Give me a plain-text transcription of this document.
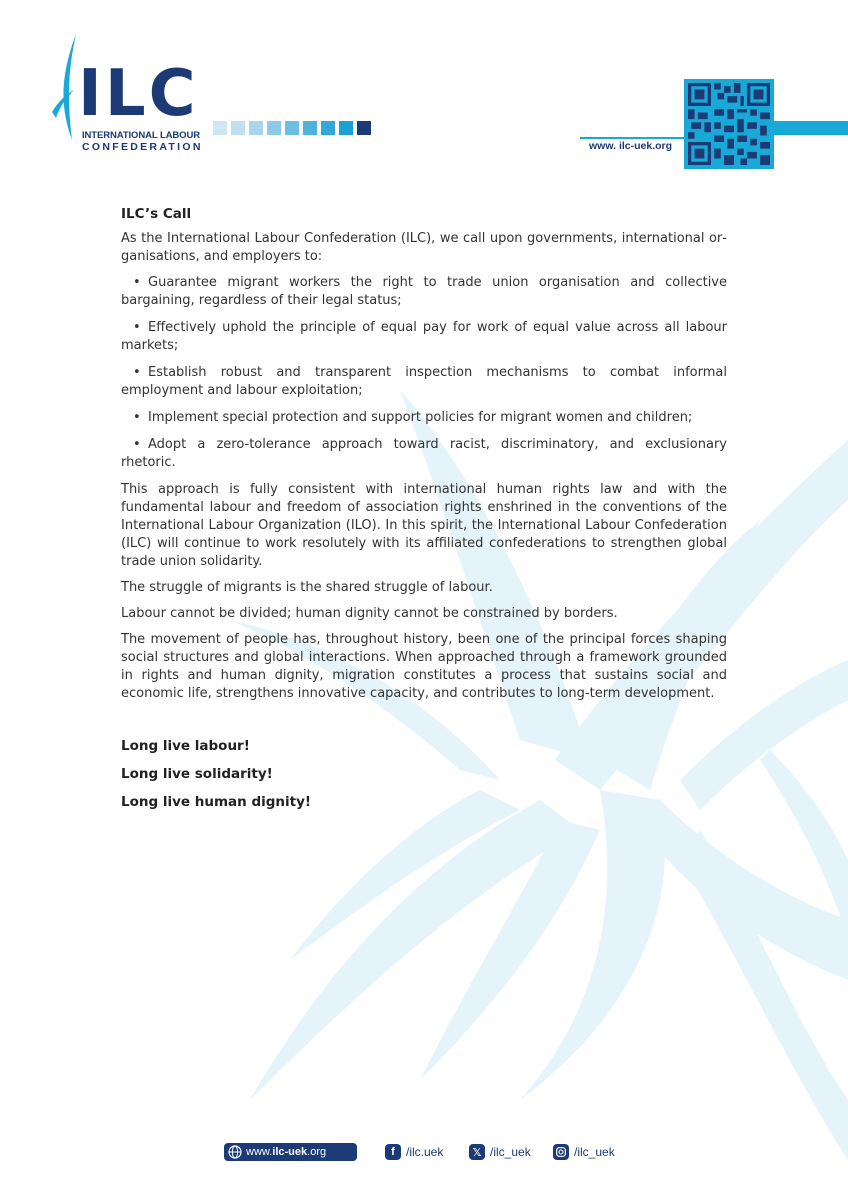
ILC
INTERNATIONAL LABOUR
CONFEDERATION	www. ilc-uek.org

ILC’s Call

As the International Labour Confederation (ILC), we call upon governments, international organisations, and employers to:

• Guarantee migrant workers the right to trade union organisation and collective bargaining, regardless of their legal status;
• Effectively uphold the principle of equal pay for work of equal value across all labour markets;
• Establish robust and transparent inspection mechanisms to combat informal employment and labour exploitation;
• Implement special protection and support policies for migrant women and children;
• Adopt a zero-tolerance approach toward racist, discriminatory, and exclusionary rhetoric.

This approach is fully consistent with international human rights law and with the fundamental labour and freedom of association rights enshrined in the conventions of the International Labour Organization (ILO). In this spirit, the International Labour Confederation (ILC) will continue to work resolutely with its affiliated confederations to strengthen global trade union solidarity.

The struggle of migrants is the shared struggle of labour.

Labour cannot be divided; human dignity cannot be constrained by borders.

The movement of people has, throughout history, been one of the principal forces shaping social structures and global interactions. When approached through a framework grounded in rights and human dignity, migration constitutes a process that sustains social and economic life, strengthens innovative capacity, and contributes to long-term development.

Long live labour!
Long live solidarity!
Long live human dignity!
www. ilc-uek .org	f /ilc.uek	𝕏 /ilc_uek	/ilc_uek
